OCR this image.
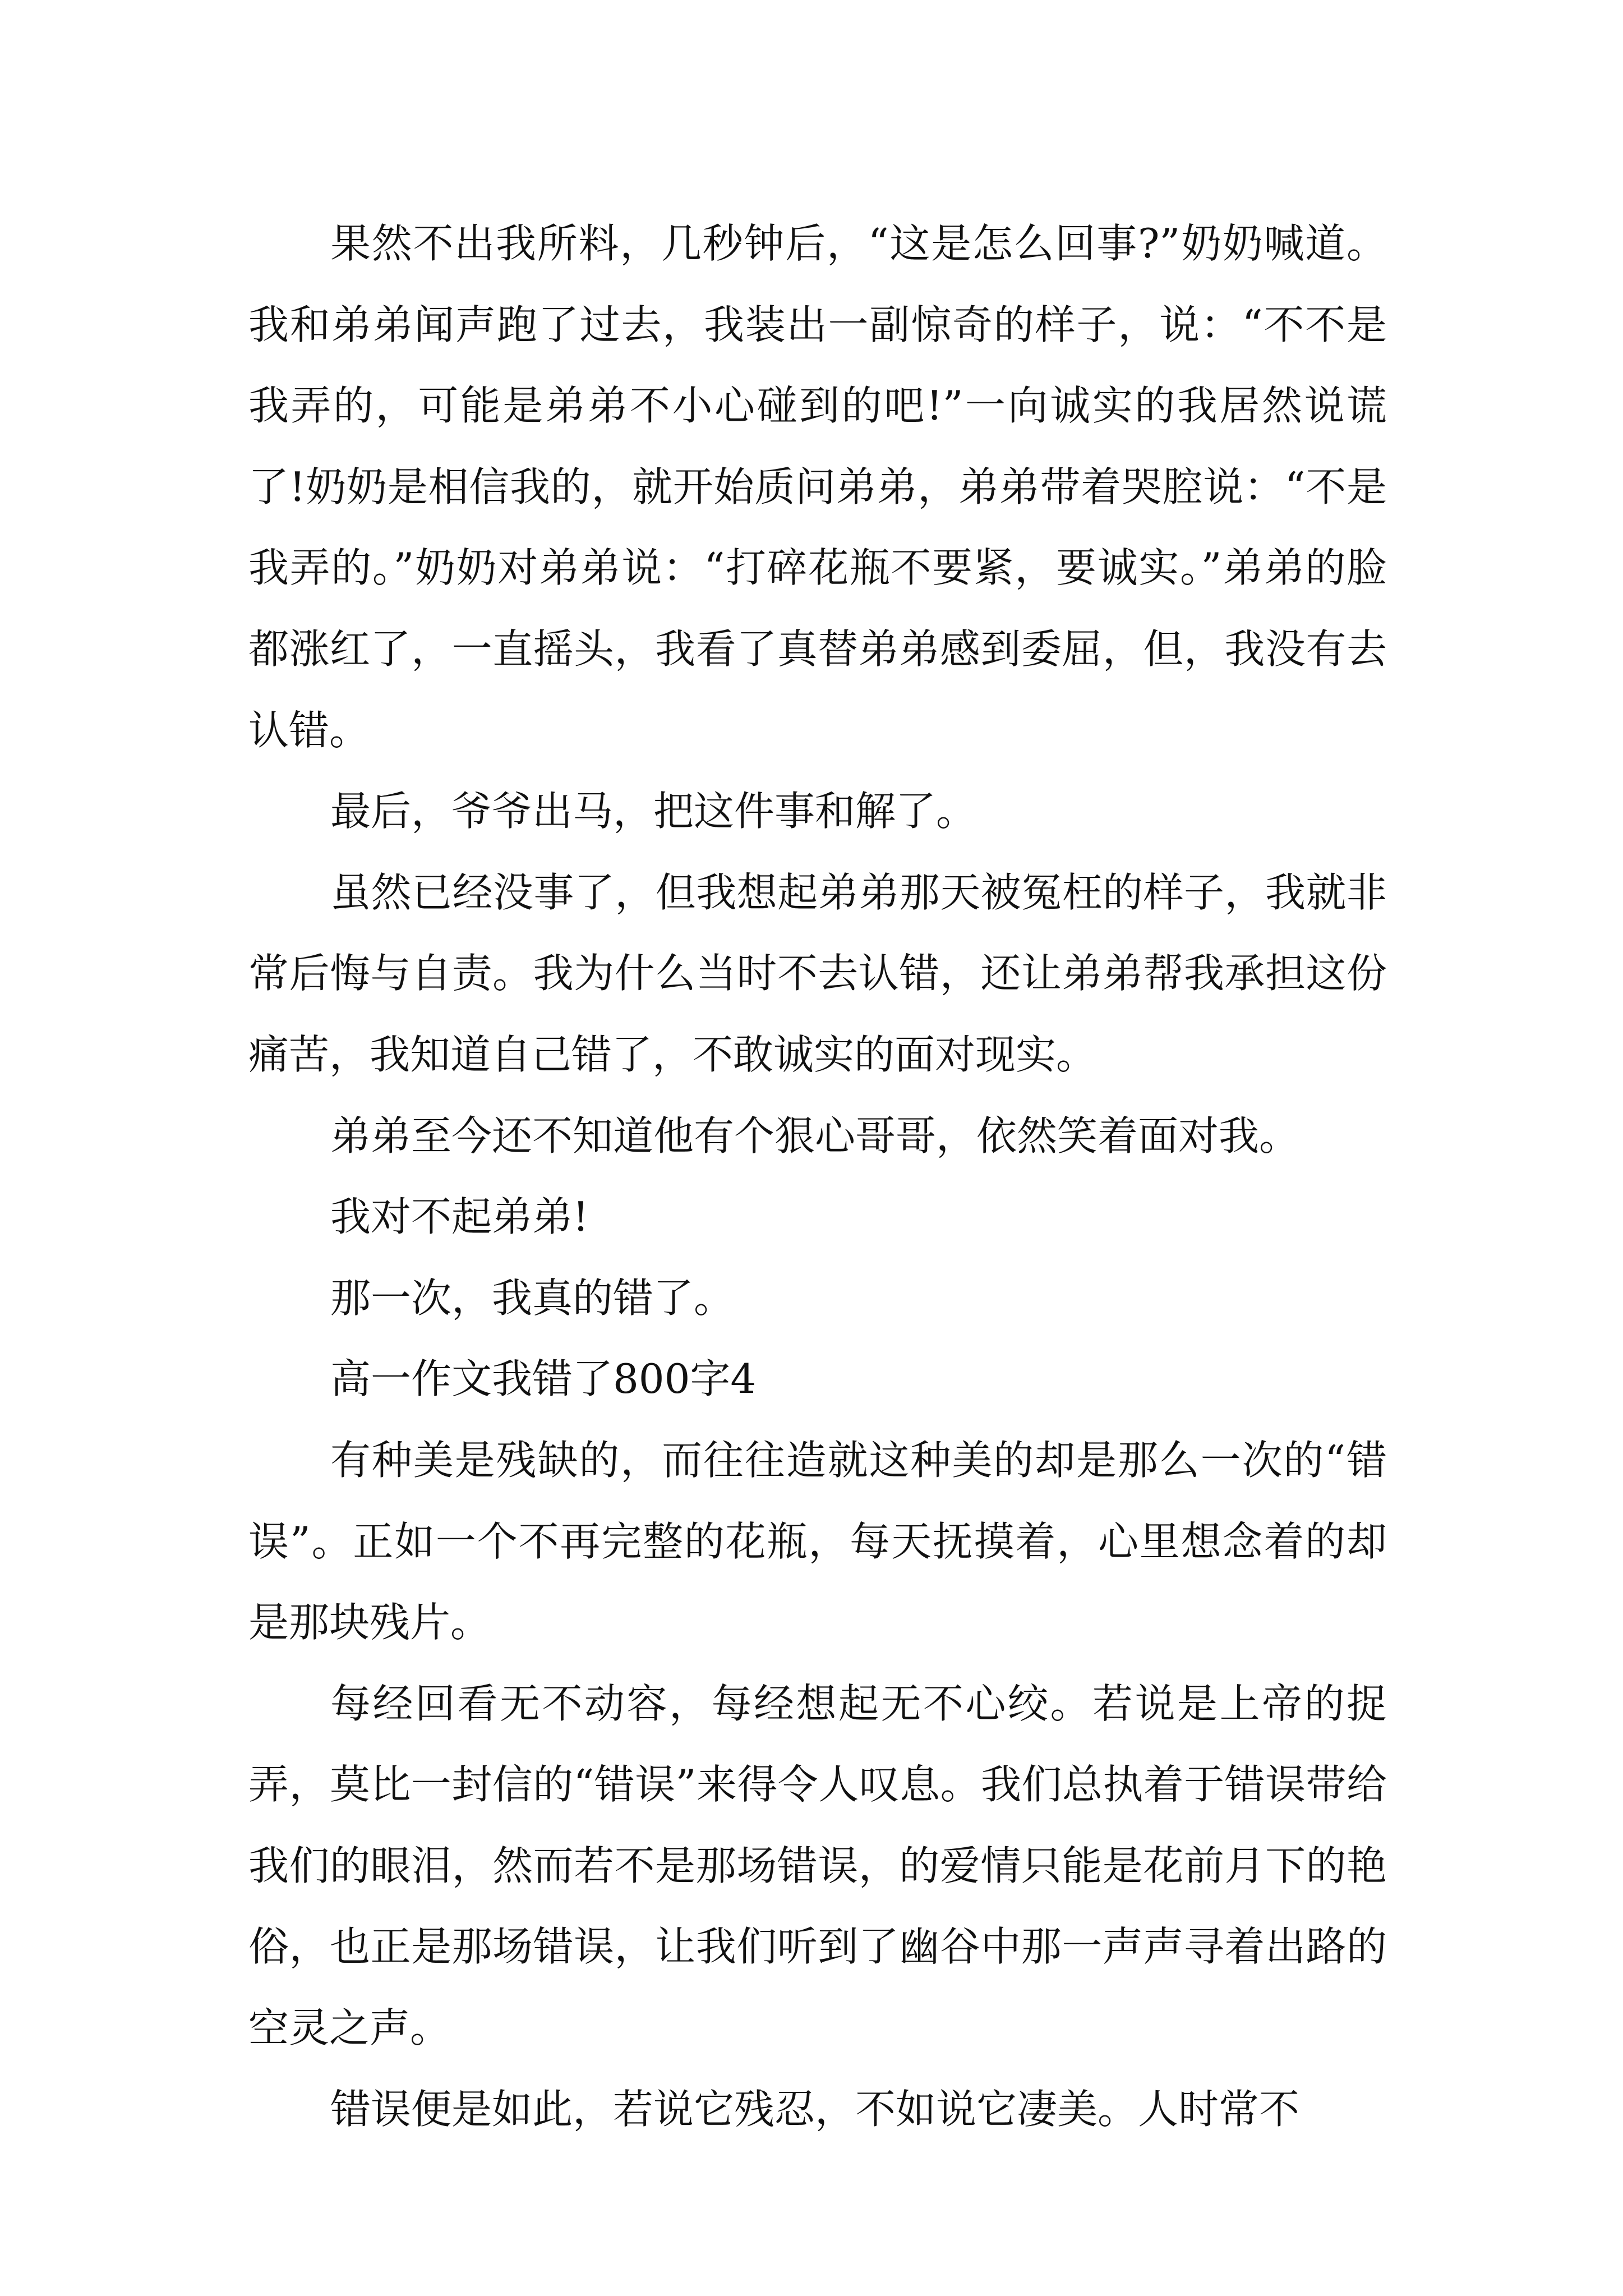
果然不出我所料，几秒钟后，“这是怎么回事?”奶奶喊道。我和弟弟闻声跑了过去，我装出一副惊奇的样子，说：“不不是我弄的，可能是弟弟不小心碰到的吧!”一向诚实的我居然说谎了!奶奶是相信我的，就开始质问弟弟，弟弟带着哭腔说：“不是我弄的。”奶奶对弟弟说：“打碎花瓶不要紧，要诚实。”弟弟的脸都涨红了，一直摇头，我看了真替弟弟感到委屈，但，我没有去认错。

最后，爷爷出马，把这件事和解了。

虽然已经没事了，但我想起弟弟那天被冤枉的样子，我就非常后悔与自责。我为什么当时不去认错，还让弟弟帮我承担这份痛苦，我知道自己错了，不敢诚实的面对现实。

弟弟至今还不知道他有个狠心哥哥，依然笑着面对我。

我对不起弟弟!

那一次，我真的错了。

高一作文我错了800字4

有种美是残缺的，而往往造就这种美的却是那么一次的“错误”。正如一个不再完整的花瓶，每天抚摸着，心里想念着的却是那块残片。

每经回看无不动容，每经想起无不心绞。若说是上帝的捉弄，莫比一封信的“错误”来得令人叹息。我们总执着于错误带给我们的眼泪，然而若不是那场错误，的爱情只能是花前月下的艳俗，也正是那场错误，让我们听到了幽谷中那一声声寻着出路的空灵之声。

错误便是如此，若说它残忍，不如说它凄美。人时常不
